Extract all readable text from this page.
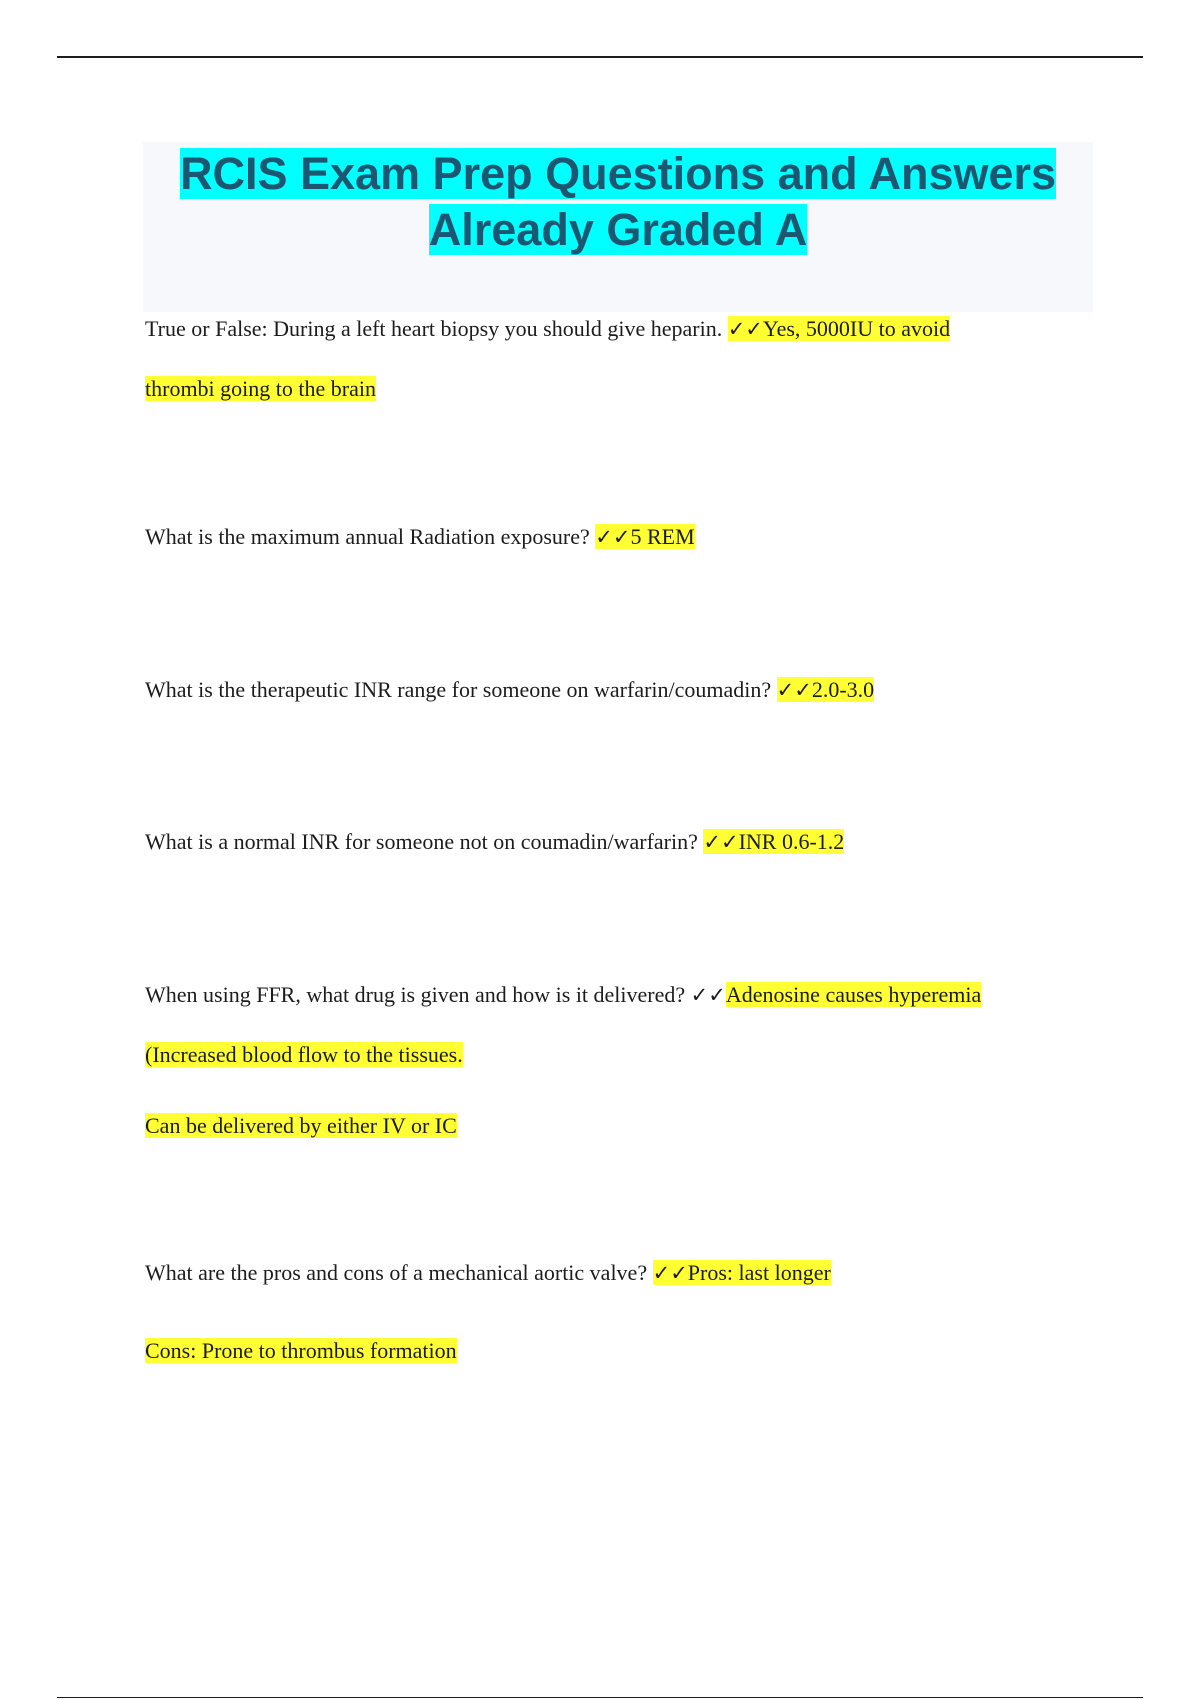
RCIS Exam Prep Questions and Answers
Already Graded A
True or False: During a left heart biopsy you should give heparin. ✓✓Yes, 5000IU to avoid
thrombi going to the brain
What is the maximum annual Radiation exposure? ✓✓5 REM
What is the therapeutic INR range for someone on warfarin/coumadin? ✓✓2.0-3.0
What is a normal INR for someone not on coumadin/warfarin? ✓✓INR 0.6-1.2
When using FFR, what drug is given and how is it delivered? ✓✓Adenosine causes hyperemia
(Increased blood flow to the tissues.
Can be delivered by either IV or IC
What are the pros and cons of a mechanical aortic valve? ✓✓Pros: last longer
Cons: Prone to thrombus formation
